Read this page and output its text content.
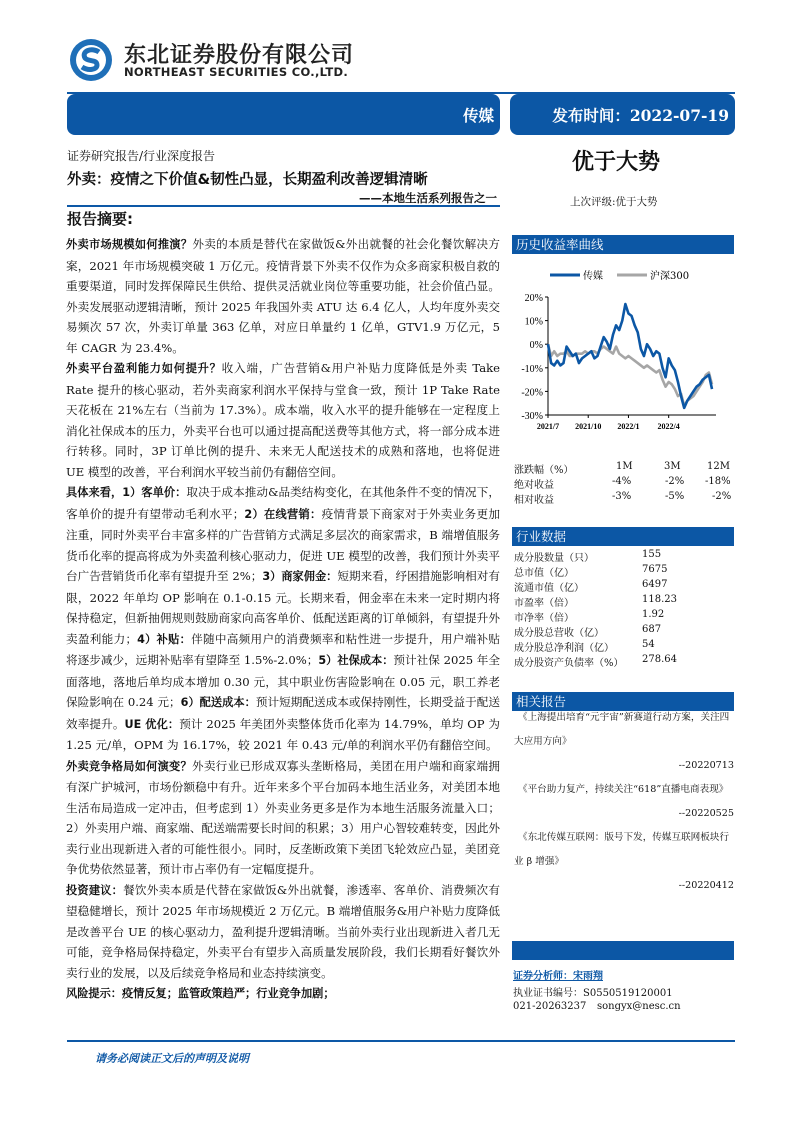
东北证券股份有限公司
NORTHEAST SECURITIES CO.,LTD.
传媒	发布时间：2022-07-19
证券研究报告/行业深度报告
外卖：疫情之下价值&韧性凸显，长期盈利改善逻辑清晰
——本地生活系列报告之一
优于大势
上次评级:优于大势
报告摘要:

外卖市场规模如何推演？外卖的本质是替代在家做饭&外出就餐的社会化餐饮解决方案，2021 年市场规模突破 1 万亿元。疫情背景下外卖不仅作为众多商家积极自救的重要渠道，同时发挥保障民生供给、提供灵活就业岗位等重要功能，社会价值凸显。外卖发展驱动逻辑清晰，预计 2025 年我国外卖 ATU 达 6.4 亿人，人均年度外卖交易频次 57 次，外卖订单量 363 亿单，对应日单量约 1 亿单，GTV1.9 万亿元，5 年 CAGR 为 23.4%。

外卖平台盈利能力如何提升？收入端，广告营销&用户补贴力度降低是外卖 Take Rate 提升的核心驱动，若外卖商家利润水平保持与堂食一致，预计 1P Take Rate 天花板在 21%左右（当前为 17.3%）。成本端，收入水平的提升能够在一定程度上消化社保成本的压力，外卖平台也可以通过提高配送费等其他方式，将一部分成本进行转移。同时，3P 订单比例的提升、未来无人配送技术的成熟和落地，也将促进 UE 模型的改善，平台利润水平较当前仍有翻倍空间。

具体来看，1）客单价：取决于成本推动&品类结构变化，在其他条件不变的情况下，客单价的提升有望带动毛利水平；2）在线营销：疫情背景下商家对于外卖业务更加注重，同时外卖平台丰富多样的广告营销方式满足多层次的商家需求，B 端增值服务货币化率的提高将成为外卖盈利核心驱动力，促进 UE 模型的改善，我们预计外卖平台广告营销货币化率有望提升至 2%；3）商家佣金：短期来看，纾困措施影响相对有限，2022 年单均 OP 影响在 0.1-0.15 元。长期来看，佣金率在未来一定时期内将保持稳定，但新抽佣规则鼓励商家向高客单价、低配送距离的订单倾斜，有望提升外卖盈利能力；4）补贴：伴随中高频用户的消费频率和粘性进一步提升，用户端补贴将逐步减少，远期补贴率有望降至 1.5%-2.0%；5）社保成本：预计社保 2025 年全面落地，落地后单均成本增加 0.30 元，其中职业伤害险影响在 0.05 元，职工养老保险影响在 0.24 元；6）配送成本：预计短期配送成本或保持刚性，长期受益于配送效率提升。UE 优化：预计 2025 年美团外卖整体货币化率为 14.79%，单均 OP 为 1.25 元/单，OPM 为 16.17%，较 2021 年 0.43 元/单的利润水平仍有翻倍空间。

外卖竞争格局如何演变？外卖行业已形成双寡头垄断格局，美团在用户端和商家端拥有深广护城河，市场份额稳中有升。近年来多个平台加码本地生活业务，对美团本地生活布局造成一定冲击，但考虑到 1）外卖业务更多是作为本地生活服务流量入口；2）外卖用户端、商家端、配送端需要长时间的积累；3）用户心智较难转变，因此外卖行业出现新进入者的可能性很小。同时，反垄断政策下美团飞轮效应凸显，美团竞争优势依然显著，预计市占率仍有一定幅度提升。

投资建议：餐饮外卖本质是代替在家做饭&外出就餐，渗透率、客单价、消费频次有望稳健增长，预计 2025 年市场规模近 2 万亿元。B 端增值服务&用户补贴力度降低是改善平台 UE 的核心驱动力，盈利提升逻辑清晰。当前外卖行业出现新进入者几无可能，竞争格局保持稳定，外卖平台有望步入高质量发展阶段，我们长期看好餐饮外卖行业的发展，以及后续竞争格局和业态持续演变。

风险提示：疫情反复；监管政策趋严；行业竞争加剧；

历史收益率曲线
20%
10%
0%
-10%
-20%
-30%
2021/7 2021/10 2022/1 2022/4
传媒	沪深300
涨跌幅（%）	1M	3M	12M
绝对收益	-4%	-2% -18%
相对收益	-3%	-5%	-2%
行业数据
成分股数量（只）	155
总市值（亿）	7675
流通市值（亿）	6497
市盈率（倍）	118.23
市净率（倍）	1.92
成分股总营收（亿）	687
成分股总净利润（亿）	54
成分股资产负债率（%）	278.64
相关报告
《上海提出培育“元宇宙”新赛道行动方案，关注四大应用方向》
--20220713
《平台助力复产，持续关注“618”直播电商表现》
--20220525
《东北传媒互联网：版号下发，传媒互联网板块行业 β 增强》
--20220412
证券分析师：宋雨翔
执业证书编号：S0550519120001
021-20263237 songyx@nesc.cn
请务必阅读正文后的声明及说明
